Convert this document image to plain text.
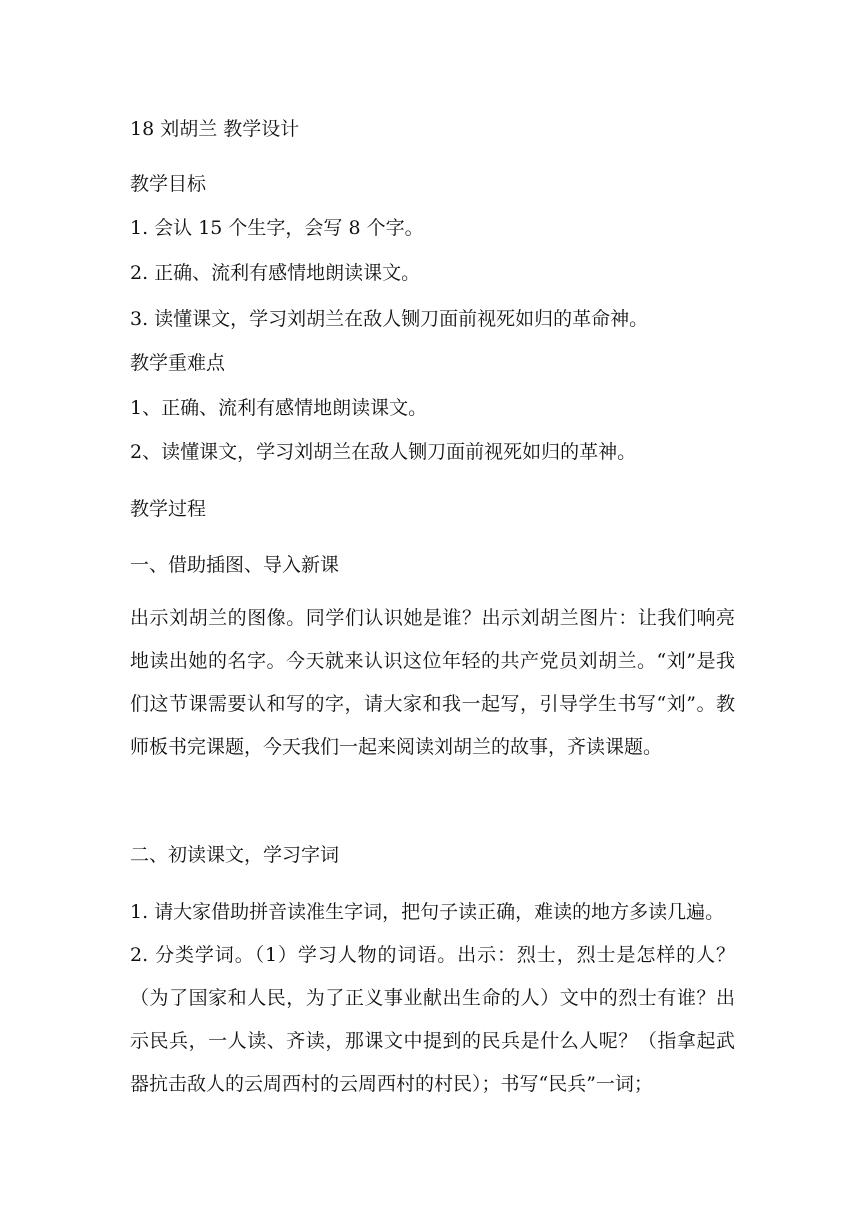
18 刘胡兰 教学设计
教学目标
1. 会认 15 个生字，会写 8 个字。
2. 正确、流利有感情地朗读课文。
3. 读懂课文，学习刘胡兰在敌人铡刀面前视死如归的革命神。
教学重难点
1、正确、流利有感情地朗读课文。
2、读懂课文，学习刘胡兰在敌人铡刀面前视死如归的革神。
教学过程
一、借助插图、导入新课
出示刘胡兰的图像。同学们认识她是谁？出示刘胡兰图片：让我们响亮地读出她的名字。今天就来认识这位年轻的共产党员刘胡兰。“刘”是我们这节课需要认和写的字，请大家和我一起写，引导学生书写“刘”。教师板书完课题，今天我们一起来阅读刘胡兰的故事，齐读课题。
二、初读课文，学习字词
1. 请大家借助拼音读准生字词，把句子读正确，难读的地方多读几遍。
2. 分类学词。（1）学习人物的词语。出示：烈士，烈士是怎样的人？（为了国家和人民，为了正义事业献出生命的人）文中的烈士有谁？出示民兵，一人读、齐读，那课文中提到的民兵是什么人呢？（指拿起武器抗击敌人的云周西村的云周西村的村民）；书写“民兵”一词；
